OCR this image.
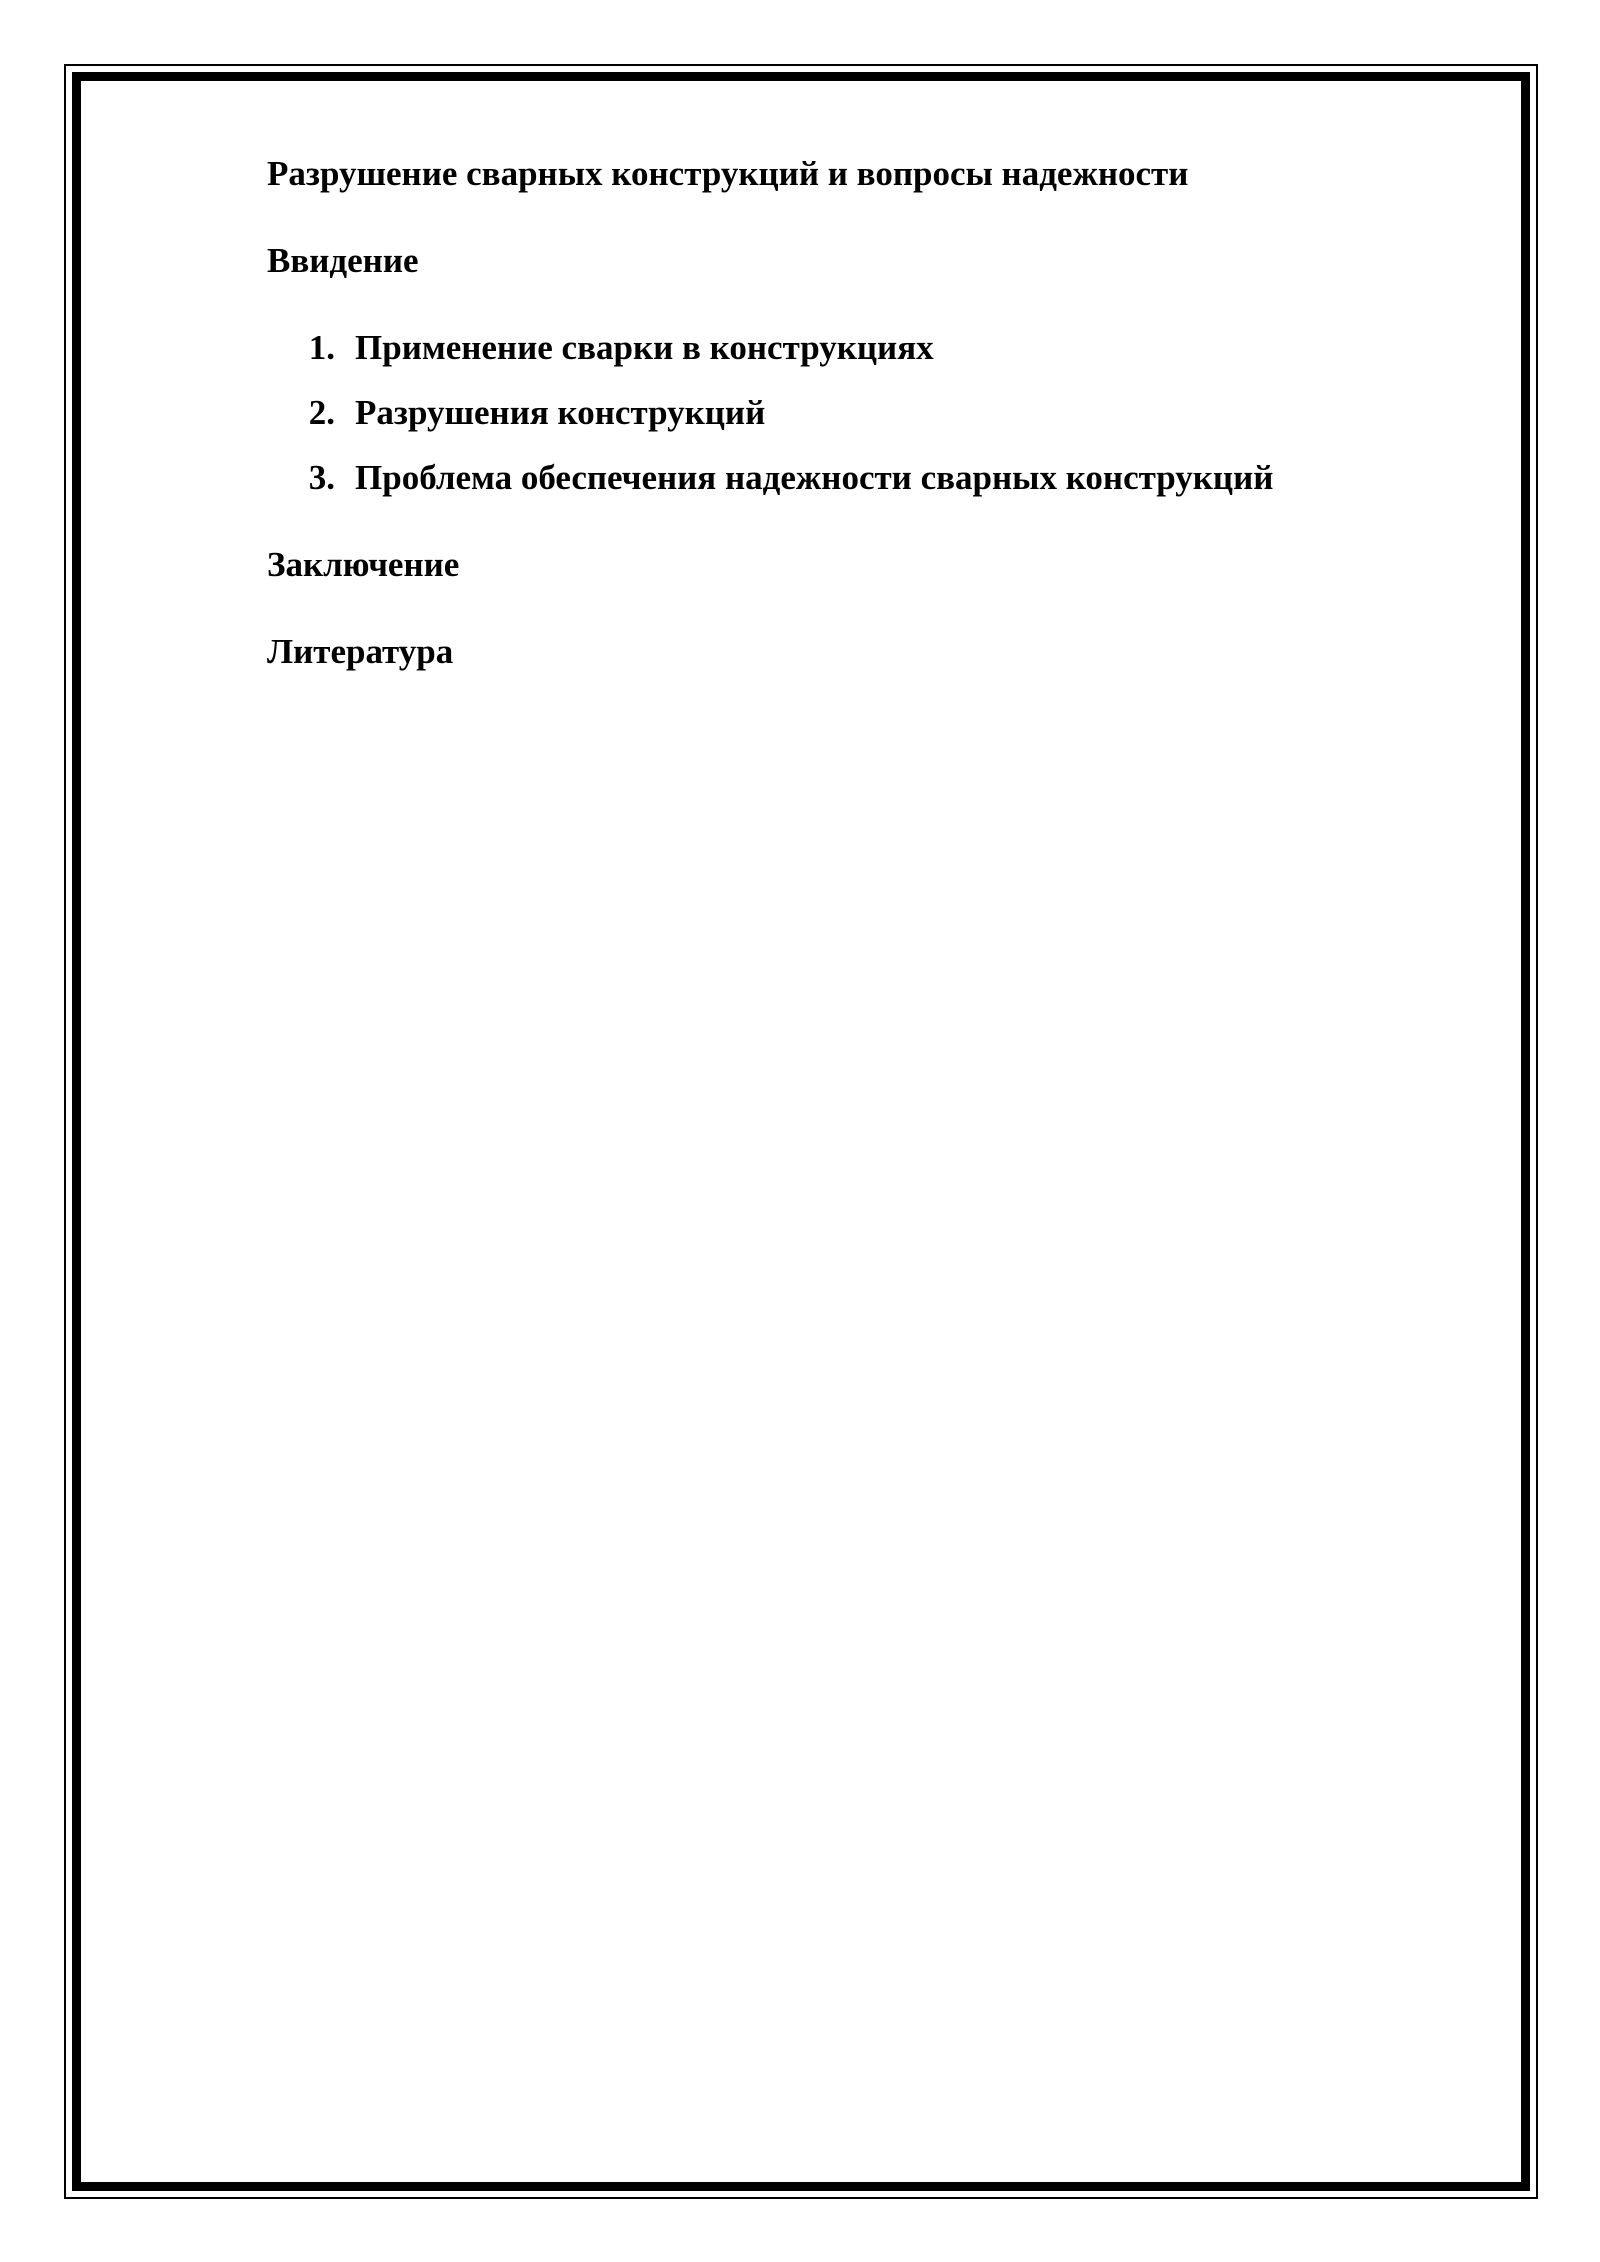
Разрушение сварных конструкций и вопросы надежности
Ввидение
1. Применение сварки в конструкциях
2. Разрушения конструкций
3. Проблема обеспечения надежности сварных конструкций
Заключение
Литература
